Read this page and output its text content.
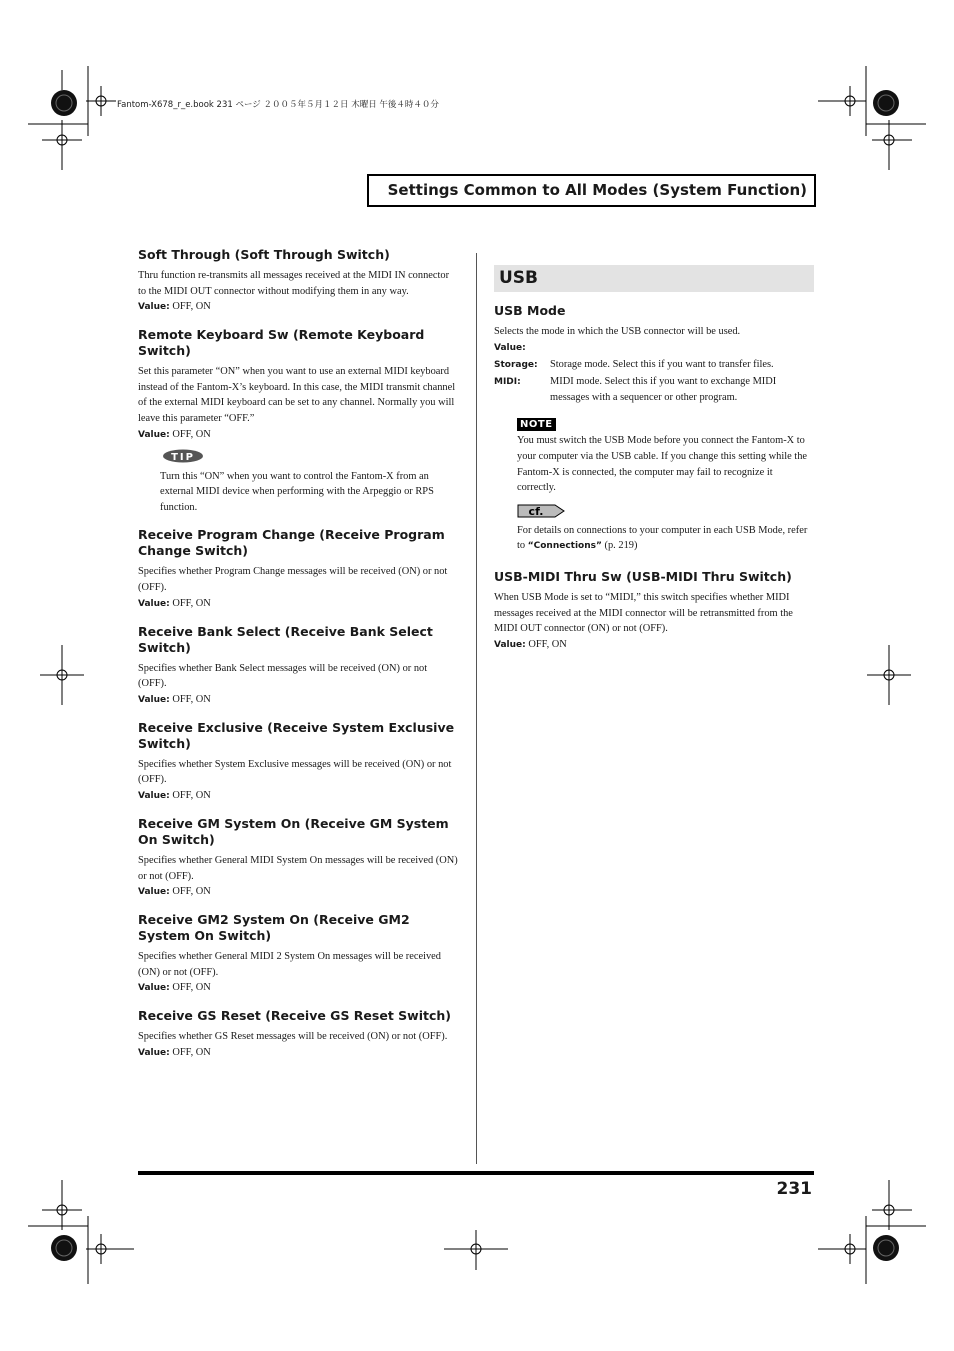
Fantom-X678_r_e.book 231 ページ ２００５年５月１２日 木曜日 午後４時４０分
Settings Common to All Modes (System Function)
Soft Through (Soft Through Switch)

Thru function re-transmits all messages received at the MIDI IN connector to the MIDI OUT connector without modifying them in any way.

Value: OFF, ON

Remote Keyboard Sw (Remote Keyboard Switch)

Set this parameter “ON” when you want to use an external MIDI keyboard instead of the Fantom-X’s keyboard. In this case, the MIDI transmit channel of the external MIDI keyboard can be set to any channel. Normally you will leave this parameter “OFF.”

Value: OFF, ON

TIP

Turn this “ON” when you want to control the Fantom-X from an external MIDI device when performing with the Arpeggio or RPS function.

Receive Program Change (Receive Program Change Switch)

Specifies whether Program Change messages will be received (ON) or not (OFF).

Value: OFF, ON

Receive Bank Select (Receive Bank Select Switch)

Specifies whether Bank Select messages will be received (ON) or not (OFF).

Value: OFF, ON

Receive Exclusive (Receive System Exclusive Switch)

Specifies whether System Exclusive messages will be received (ON) or not (OFF).

Value: OFF, ON

Receive GM System On (Receive GM System On Switch)

Specifies whether General MIDI System On messages will be received (ON) or not (OFF).

Value: OFF, ON

Receive GM2 System On (Receive GM2 System On Switch)

Specifies whether General MIDI 2 System On messages will be received (ON) or not (OFF).

Value: OFF, ON

Receive GS Reset (Receive GS Reset Switch)

Specifies whether GS Reset messages will be received (ON) or not (OFF).

Value: OFF, ON

USB
USB Mode

Selects the mode in which the USB connector will be used.

Value:

Storage:	Storage mode. Select this if you want to transfer files.
MIDI:	MIDI mode. Select this if you want to exchange MIDI messages with a sequencer or other program.
NOTE

You must switch the USB Mode before you connect the Fantom-X to your computer via the USB cable. If you change this setting while the Fantom-X is connected, the computer may fail to recognize it correctly.

cf.

For details on connections to your computer in each USB Mode, refer to “Connections” (p. 219)

USB-MIDI Thru Sw (USB-MIDI Thru Switch)

When USB Mode is set to “MIDI,” this switch specifies whether MIDI messages received at the MIDI connector will be retransmitted from the MIDI OUT connector (ON) or not (OFF).

Value: OFF, ON

231
